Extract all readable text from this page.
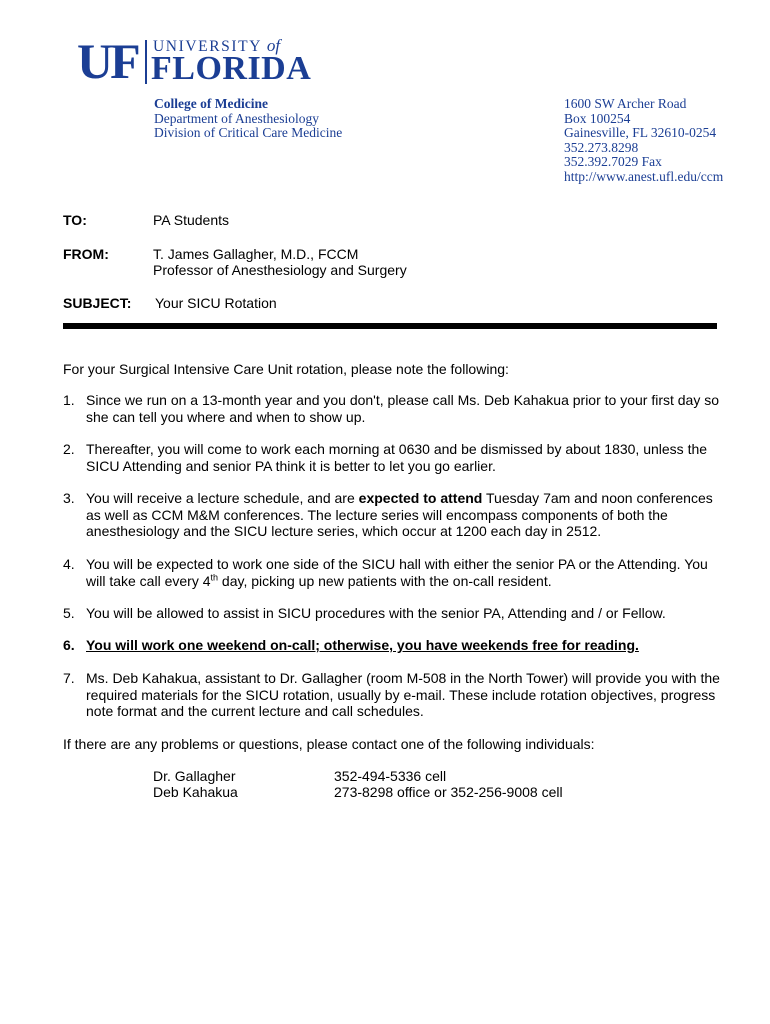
UF UNIVERSITY of
FLORIDA
College of Medicine
Department of Anesthesiology
Division of Critical Care Medicine
1600 SW Archer Road
Box 100254
Gainesville, FL 32610-0254
352.273.8298
352.392.7029 Fax
http://www.anest.ufl.edu/ccm
TO:	PA Students
FROM:	T. James Gallagher, M.D., FCCM
Professor of Anesthesiology and Surgery
SUBJECT: Your SICU Rotation
For your Surgical Intensive Care Unit rotation, please note the following:
1. Since we run on a 13-month year and you don't, please call Ms. Deb Kahakua prior to your first day so she can tell you where and when to show up.
2. Thereafter, you will come to work each morning at 0630 and be dismissed by about 1830, unless the SICU Attending and senior PA think it is better to let you go earlier.
3. You will receive a lecture schedule, and are expected to attend Tuesday 7am and noon conferences as well as CCM M&M conferences. The lecture series will encompass components of both the anesthesiology and the SICU lecture series, which occur at 1200 each day in 2512.
4. You will be expected to work one side of the SICU hall with either the senior PA or the Attending. You will take call every 4th day, picking up new patients with the on-call resident.
5. You will be allowed to assist in SICU procedures with the senior PA, Attending and / or Fellow.
6. You will work one weekend on-call; otherwise, you have weekends free for reading.
7. Ms. Deb Kahakua, assistant to Dr. Gallagher (room M-508 in the North Tower) will provide you with the required materials for the SICU rotation, usually by e-mail. These include rotation objectives, progress note format and the current lecture and call schedules.
If there are any problems or questions, please contact one of the following individuals:
Dr. Gallagher	352-494-5336 cell
Deb Kahakua	273-8298 office or 352-256-9008 cell
